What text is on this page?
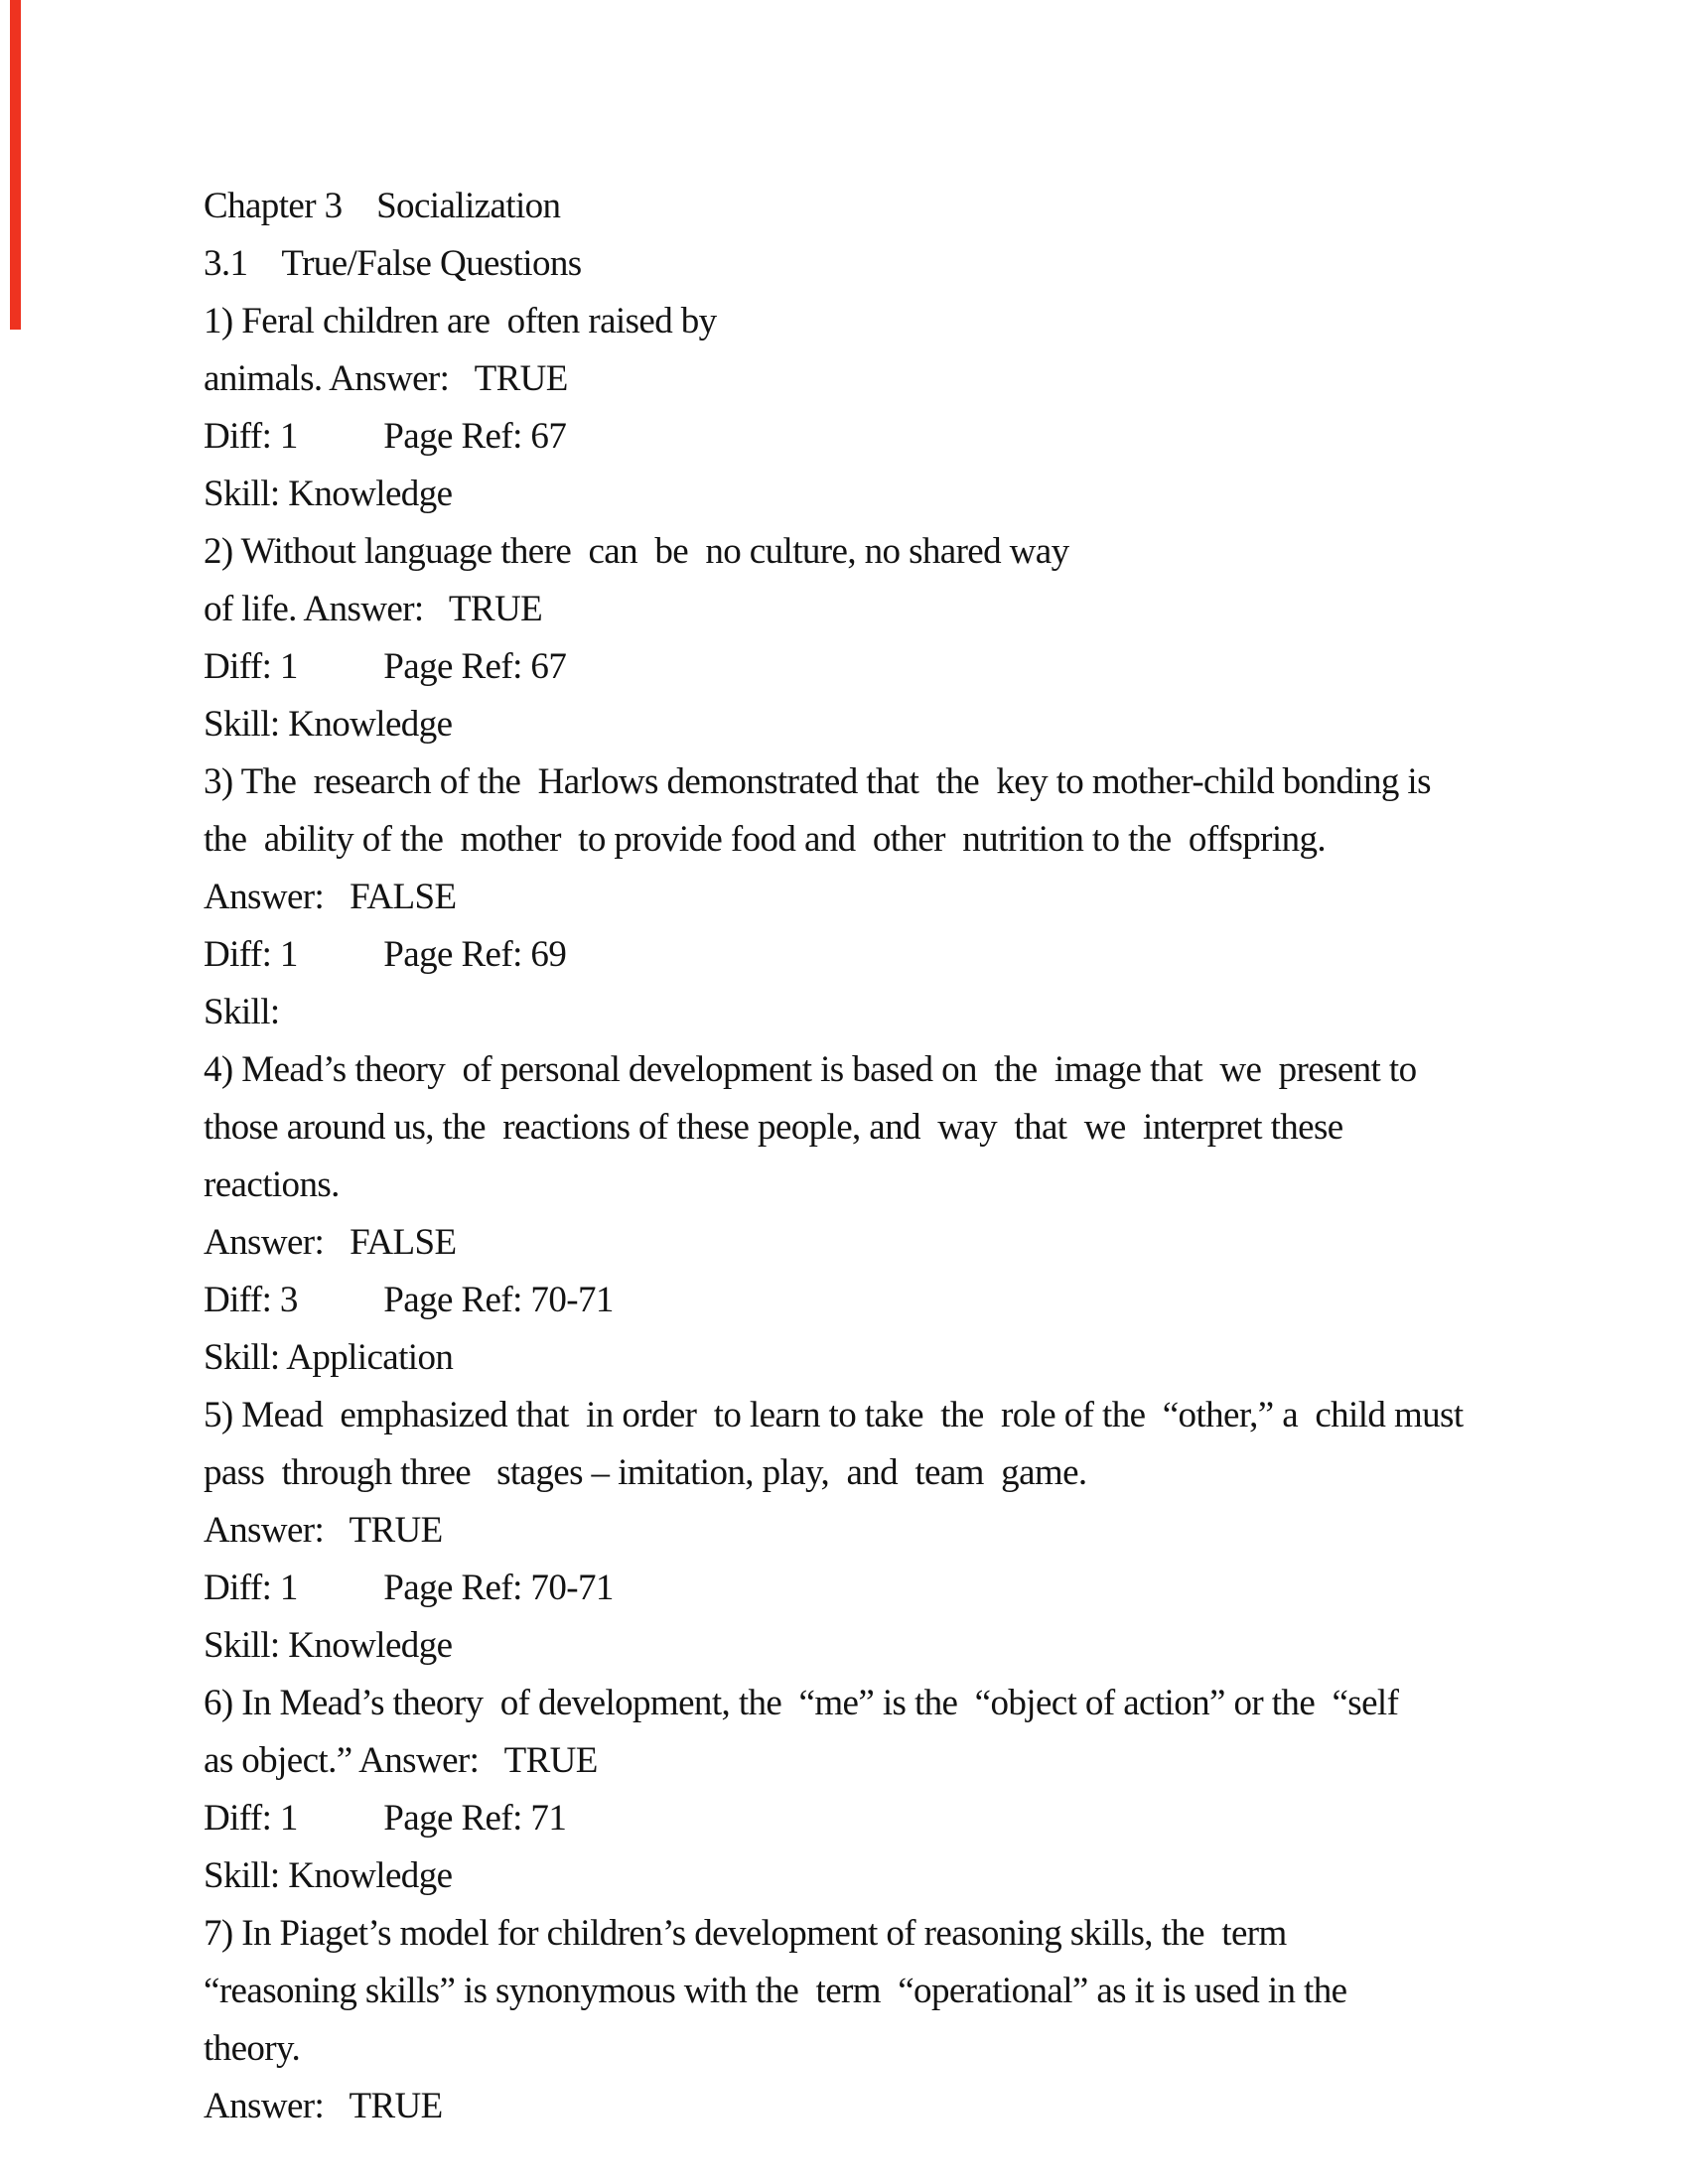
Chapter 3    Socialization
3.1    True/False Questions
1) Feral children are  often raised by
animals. Answer:   TRUE
Diff: 1          Page Ref: 67
Skill: Knowledge
2) Without language there  can  be  no culture, no shared way
of life. Answer:   TRUE
Diff: 1          Page Ref: 67
Skill: Knowledge
3) The  research of the  Harlows demonstrated that  the  key to mother-child bonding is
the  ability of the  mother  to provide food and  other  nutrition to the  offspring.
Answer:   FALSE
Diff: 1          Page Ref: 69
Skill:
4) Mead’s theory  of personal development is based on  the  image that  we  present to
those around us, the  reactions of these people, and  way  that  we  interpret these
reactions.
Answer:   FALSE
Diff: 3          Page Ref: 70-71
Skill: Application
5) Mead  emphasized that  in order  to learn to take  the  role of the  “other,” a  child must
pass  through three   stages – imitation, play,  and  team  game.
Answer:   TRUE
Diff: 1          Page Ref: 70-71
Skill: Knowledge
6) In Mead’s theory  of development, the  “me” is the  “object of action” or the  “self
as object.” Answer:   TRUE
Diff: 1          Page Ref: 71
Skill: Knowledge
7) In Piaget’s model for children’s development of reasoning skills, the  term
“reasoning skills” is synonymous with the  term  “operational” as it is used in the
theory.
Answer:   TRUE
